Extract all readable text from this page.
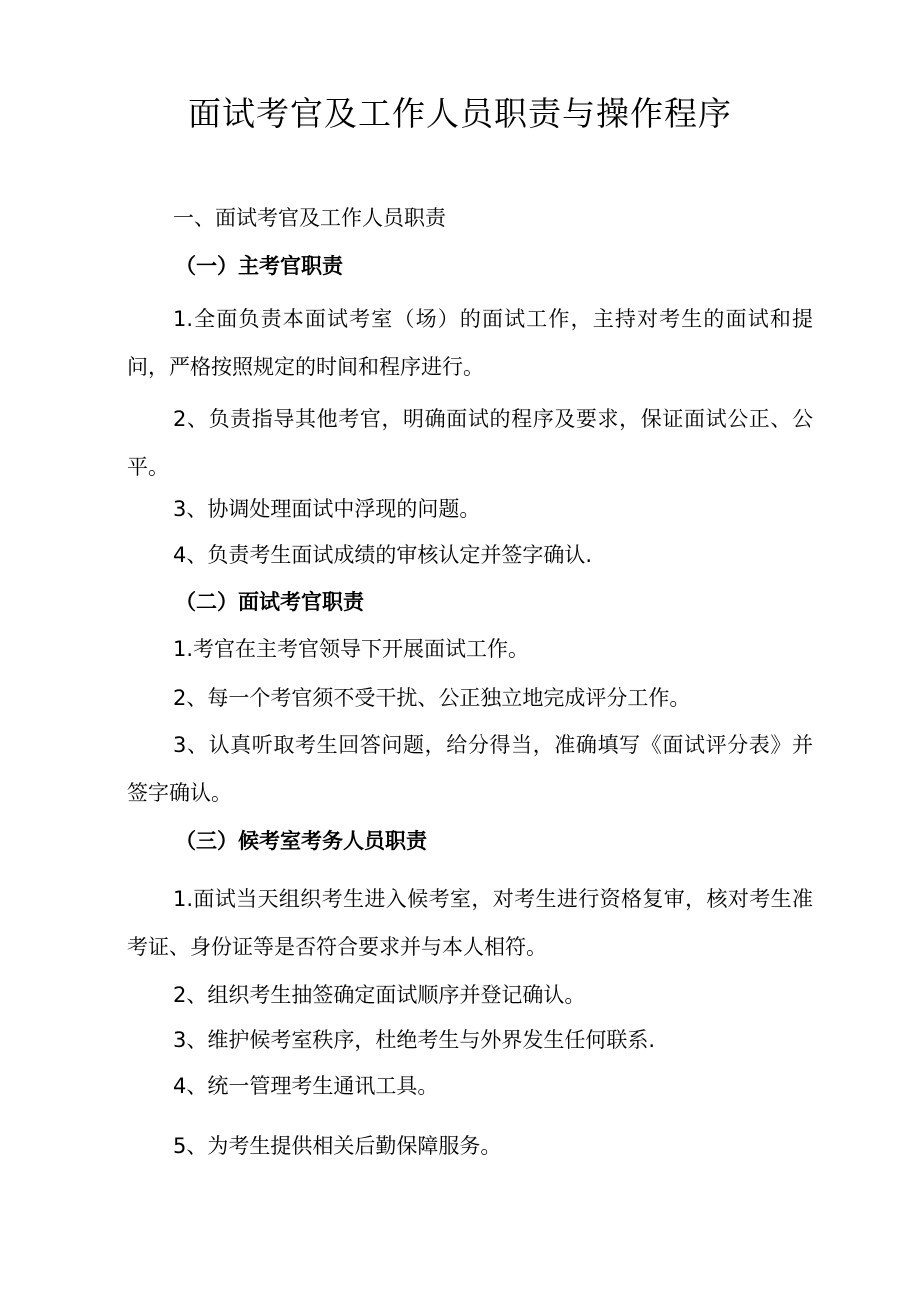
面试考官及工作人员职责与操作程序
一、面试考官及工作人员职责
（一）主考官职责
1.全面负责本面试考室（场）的面试工作，主持对考生的面试和提问，严格按照规定的时间和程序进行。
2、负责指导其他考官，明确面试的程序及要求，保证面试公正、公平。
3、协调处理面试中浮现的问题。
4、负责考生面试成绩的审核认定并签字确认.
（二）面试考官职责
1.考官在主考官领导下开展面试工作。
2、每一个考官须不受干扰、公正独立地完成评分工作。
3、认真听取考生回答问题，给分得当，准确填写《面试评分表》并签字确认。
（三）候考室考务人员职责
1.面试当天组织考生进入候考室，对考生进行资格复审，核对考生准考证、身份证等是否符合要求并与本人相符。
2、组织考生抽签确定面试顺序并登记确认。
3、维护候考室秩序，杜绝考生与外界发生任何联系.
4、统一管理考生通讯工具。
5、为考生提供相关后勤保障服务。
